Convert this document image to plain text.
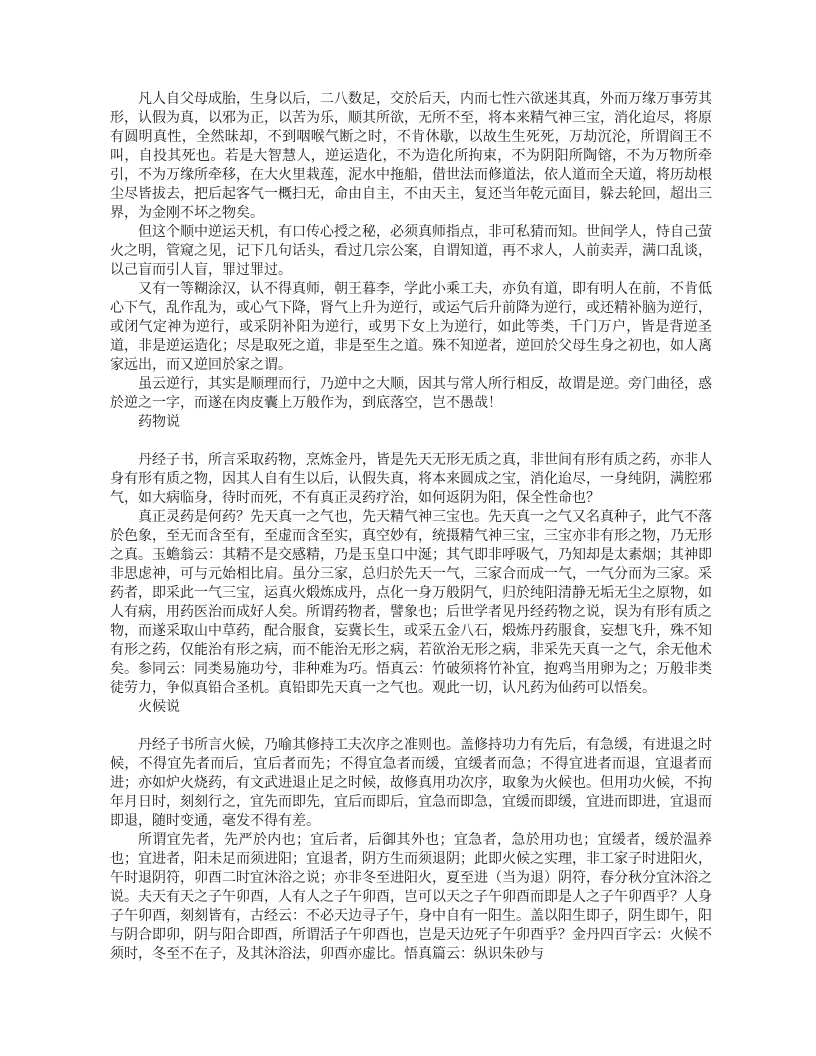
凡人自父母成胎，生身以后，二八数足，交於后天，内而七性六欲迷其真，外而万缘万事劳其形，认假为真，以邪为正，以苦为乐，顺其所欲，无所不至，将本来精气神三宝，消化迨尽，将原有圆明真性，全然昧却，不到咽喉气断之时，不肯休歇，以故生生死死，万劫沉沦，所谓阎王不叫，自投其死也。若是大智慧人，逆运造化，不为造化所拘束，不为阴阳所陶镕，不为万物所牵引，不为万缘所牵移，在大火里栽莲，泥水中拖船，借世法而修道法，依人道而全天道，将历劫根尘尽皆拔去，把后起客气一概扫无，命由自主，不由天主，复还当年乾元面目，躲去轮回，超出三界，为金刚不坏之物矣。

但这个顺中逆运天机，有口传心授之秘，必须真师指点，非可私猜而知。世间学人，恃自己萤火之明，管窥之见，记下几句话头，看过几宗公案，自谓知道，再不求人，人前卖弄，满口乱谈，以己盲而引人盲，罪过罪过。

又有一等糊涂汉，认不得真师，朝王暮李，学此小乘工夫，亦负有道，即有明人在前，不肯低心下气，乱作乱为，或心气下降，肾气上升为逆行，或运气后升前降为逆行，或还精补脑为逆行，或闭气定神为逆行，或采阴补阳为逆行，或男下女上为逆行，如此等类，千门万户，皆是背逆圣道，非是逆运造化；尽是取死之道，非是至生之道。殊不知逆者，逆回於父母生身之初也，如人离家远出，而又逆回於家之谓。

虽云逆行，其实是顺理而行，乃逆中之大顺，因其与常人所行相反，故谓是逆。旁门曲径，惑於逆之一字，而遂在肉皮囊上万般作为，到底落空，岂不愚哉！

药物说

丹经子书，所言采取药物，烹炼金丹，皆是先天无形无质之真，非世间有形有质之药，亦非人身有形有质之物，因其人自有生以后，认假失真，将本来圆成之宝，消化迨尽，一身纯阴，满腔邪气，如大病临身，待时而死，不有真正灵药疗治，如何返阴为阳，保全性命也？

真正灵药是何药？先天真一之气也，先天精气神三宝也。先天真一之气又名真种子，此气不落於色象，至无而含至有，至虚而含至实，真空妙有，统摄精气神三宝，三宝亦非有形之物，乃无形之真。玉蟾翁云：其精不是交感精，乃是玉皇口中涎；其气即非呼吸气，乃知却是太素烟；其神即非思虑神，可与元始相比肩。虽分三家，总归於先天一气，三家合而成一气，一气分而为三家。采药者，即采此一气三宝，运真火煅炼成丹，点化一身万般阴气，归於纯阳清静无垢无尘之原物，如人有病，用药医治而成好人矣。所谓药物者，譬象也；后世学者见丹经药物之说，误为有形有质之物，而遂采取山中草药，配合服食，妄冀长生，或采五金八石，煅炼丹药服食，妄想飞升，殊不知有形之药，仅能治有形之病，而不能治无形之病，若欲治无形之病，非采先天真一之气，余无他术矣。参同云：同类易施功兮，非种难为巧。悟真云：竹破须将竹补宜，抱鸡当用卵为之；万般非类徒劳力，争似真铅合圣机。真铅即先天真一之气也。观此一切，认凡药为仙药可以悟矣。

火候说

丹经子书所言火候，乃喻其修持工夫次序之准则也。盖修持功力有先后，有急缓，有进退之时候，不得宜先者而后，宜后者而先；不得宜急者而缓，宜缓者而急；不得宜进者而退，宜退者而进；亦如炉火烧药，有文武进退止足之时候，故修真用功次序，取象为火候也。但用功火候，不拘年月日时，刻刻行之，宜先而即先，宜后而即后，宜急而即急，宜缓而即缓，宜进而即进，宜退而即退，随时变通，毫发不得有差。

所谓宜先者，先严於内也；宜后者，后御其外也；宜急者，急於用功也；宜缓者，缓於温养也；宜进者，阳未足而须进阳；宜退者，阴方生而须退阴；此即火候之实理，非工家子时进阳火，午时退阴符，卯酉二时宜沐浴之说；亦非冬至进阳火，夏至进（当为退）阴符，春分秋分宜沐浴之说。夫天有天之子午卯酉，人有人之子午卯酉，岂可以天之子午卯酉而即是人之子午卯酉乎？人身子午卯酉，刻刻皆有，古经云：不必天边寻子午，身中自有一阳生。盖以阳生即子，阴生即午，阳与阴合即卯，阴与阳合即酉，所谓活子午卯酉也，岂是天边死子午卯酉乎？金丹四百字云：火候不须时，冬至不在子，及其沐浴法，卯酉亦虚比。悟真篇云：纵识朱砂与
